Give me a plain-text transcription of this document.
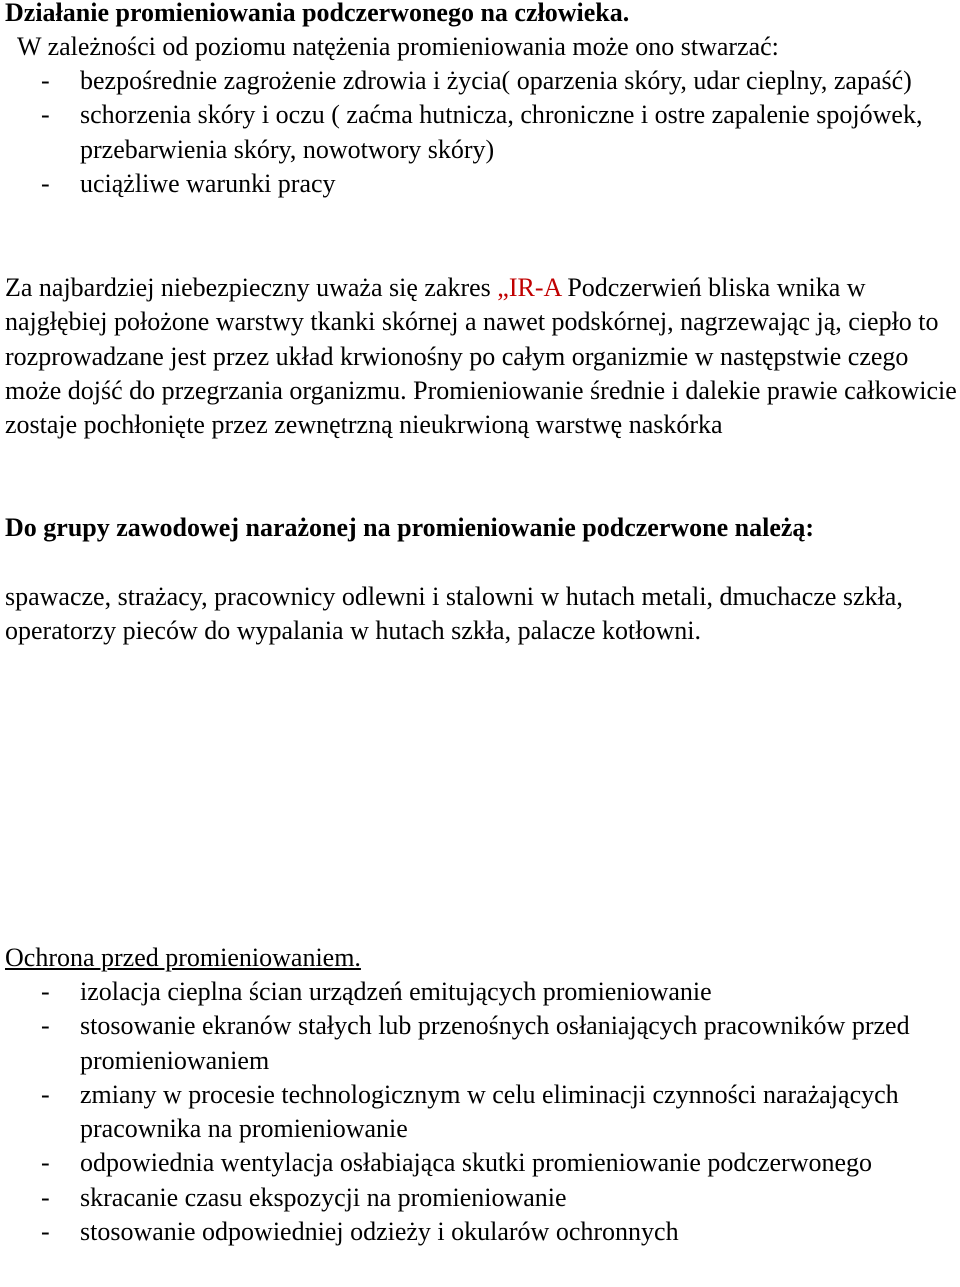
Działanie promieniowania podczerwonego na człowieka.

W zależności od poziomu natężenia promieniowania może ono stwarzać:

- bezpośrednie zagrożenie zdrowia i życia( oparzenia skóry, udar cieplny, zapaść)
- schorzenia skóry i oczu ( zaćma hutnicza, chroniczne i ostre zapalenie spojówek, przebarwienia skóry, nowotwory skóry)
- uciążliwe warunki pracy

Za najbardziej niebezpieczny uważa się zakres „IR-A Podczerwień bliska wnika w najgłębiej położone warstwy tkanki skórnej a nawet podskórnej, nagrzewając ją, ciepło to rozprowadzane jest przez układ krwionośny po całym organizmie w następstwie czego może dojść do przegrzania organizmu. Promieniowanie średnie i dalekie prawie całkowicie zostaje pochłonięte przez zewnętrzną nieukrwioną warstwę naskórka

Do grupy zawodowej narażonej na promieniowanie podczerwone należą:

spawacze, strażacy, pracownicy odlewni i stalowni w hutach metali, dmuchacze szkła, operatorzy pieców do wypalania w hutach szkła, palacze kotłowni.

Ochrona przed promieniowaniem.
- izolacja cieplna ścian urządzeń emitujących promieniowanie
- stosowanie ekranów stałych lub przenośnych osłaniających pracowników przed promieniowaniem
- zmiany w procesie technologicznym w celu eliminacji czynności narażających pracownika na promieniowanie
- odpowiednia wentylacja osłabiająca skutki promieniowanie podczerwonego
- skracanie czasu ekspozycji na promieniowanie
- stosowanie odpowiedniej odzieży i okularów ochronnych
